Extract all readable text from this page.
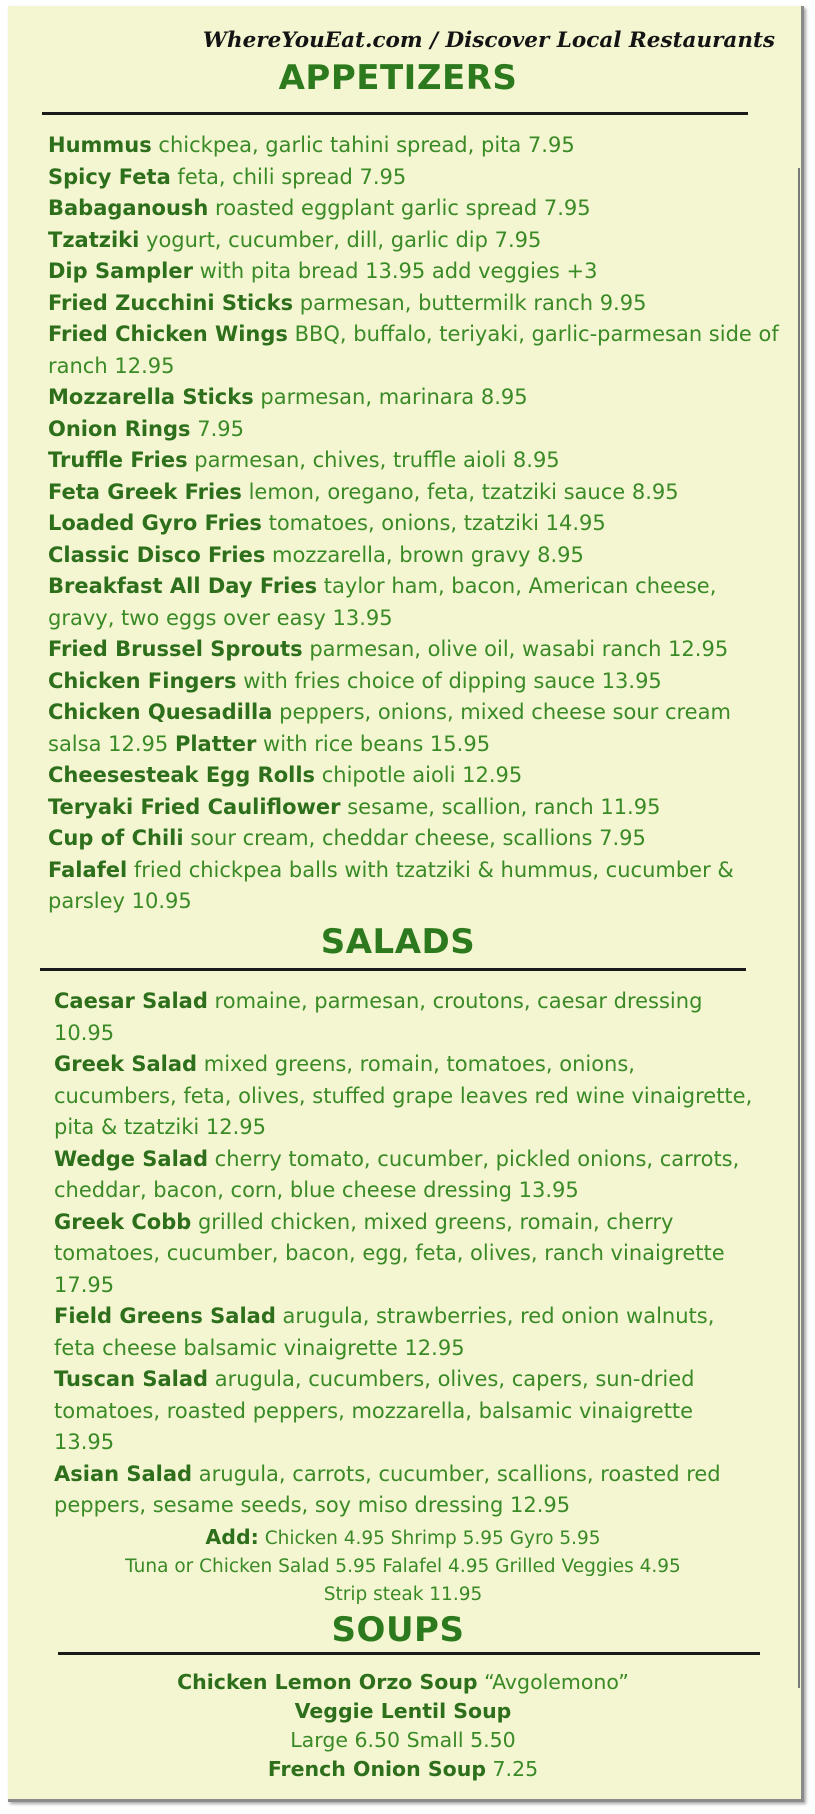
WhereYouEat.com / Discover Local Restaurants
APPETIZERS
Hummus chickpea, garlic tahini spread, pita 7.95
Spicy Feta feta, chili spread 7.95
Babaganoush roasted eggplant garlic spread 7.95
Tzatziki yogurt, cucumber, dill, garlic dip 7.95
Dip Sampler with pita bread 13.95 add veggies +3
Fried Zucchini Sticks parmesan, buttermilk ranch 9.95
Fried Chicken Wings BBQ, buffalo, teriyaki, garlic-parmesan side of ranch 12.95
Mozzarella Sticks parmesan, marinara 8.95
Onion Rings 7.95
Truffle Fries parmesan, chives, truffle aioli 8.95
Feta Greek Fries lemon, oregano, feta, tzatziki sauce 8.95
Loaded Gyro Fries tomatoes, onions, tzatziki 14.95
Classic Disco Fries mozzarella, brown gravy 8.95
Breakfast All Day Fries taylor ham, bacon, American cheese, gravy, two eggs over easy 13.95
Fried Brussel Sprouts parmesan, olive oil, wasabi ranch 12.95
Chicken Fingers with fries choice of dipping sauce 13.95
Chicken Quesadilla peppers, onions, mixed cheese sour cream salsa 12.95 Platter with rice beans 15.95
Cheesesteak Egg Rolls chipotle aioli 12.95
Teryaki Fried Cauliflower sesame, scallion, ranch 11.95
Cup of Chili sour cream, cheddar cheese, scallions 7.95
Falafel fried chickpea balls with tzatziki & hummus, cucumber & parsley 10.95
SALADS
Caesar Salad romaine, parmesan, croutons, caesar dressing 10.95
Greek Salad mixed greens, romain, tomatoes, onions, cucumbers, feta, olives, stuffed grape leaves red wine vinaigrette, pita & tzatziki 12.95
Wedge Salad cherry tomato, cucumber, pickled onions, carrots, cheddar, bacon, corn, blue cheese dressing 13.95
Greek Cobb grilled chicken, mixed greens, romain, cherry tomatoes, cucumber, bacon, egg, feta, olives, ranch vinaigrette 17.95
Field Greens Salad arugula, strawberries, red onion walnuts, feta cheese balsamic vinaigrette 12.95
Tuscan Salad arugula, cucumbers, olives, capers, sun-dried tomatoes, roasted peppers, mozzarella, balsamic vinaigrette 13.95
Asian Salad arugula, carrots, cucumber, scallions, roasted red peppers, sesame seeds, soy miso dressing 12.95
Add: Chicken 4.95 Shrimp 5.95 Gyro 5.95
Tuna or Chicken Salad 5.95 Falafel 4.95 Grilled Veggies 4.95
Strip steak 11.95
SOUPS
Chicken Lemon Orzo Soup “Avgolemono”
Veggie Lentil Soup
Large 6.50 Small 5.50
French Onion Soup 7.25
